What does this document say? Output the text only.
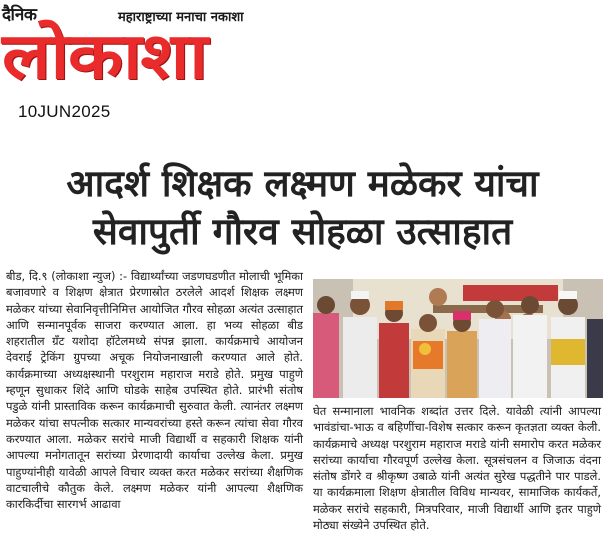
दैनिक	महाराष्ट्राच्या मनाचा नकाशा
लोकाशा
10JUN2025
आदर्श शिक्षक लक्ष्मण मळेकर यांचा
सेवापुर्ती गौरव सोहळा उत्साहात
बीड, दि.९ (लोकाशा न्युज) :- विद्यार्थ्यांच्या जडणघडणीत मोलाची भूमिका बजावणारे व शिक्षण क्षेत्रात प्रेरणास्रोत ठरलेले आदर्श शिक्षक लक्ष्मण मळेकर यांच्या सेवानिवृत्तीनिमित्त आयोजित गौरव सोहळा अत्यंत उत्साहात आणि सन्मानपूर्वक साजरा करण्यात आला. हा भव्य सोहळा बीड शहरातील ग्रँट यशोदा हॉटेलमध्ये संपन्न झाला. कार्यक्रमाचे आयोजन देवराई ट्रेकिंग ग्रुपच्या अचूक नियोजनाखाली करण्यात आले होते. कार्यक्रमाच्या अध्यक्षस्थानी परशुराम महाराज मराडे होते. प्रमुख पाहुणे म्हणून सुधाकर शिंदे आणि घोडके साहेब उपस्थित होते. प्रारंभी संतोष पडुळे यांनी प्रास्ताविक करून कार्यक्रमाची सुरुवात केली. त्यानंतर लक्ष्मण मळेकर यांचा सपत्नीक सत्कार मान्यवरांच्या हस्ते करून त्यांचा सेवा गौरव करण्यात आला. मळेकर सरांचे माजी विद्यार्थी व सहकारी शिक्षक यांनी आपल्या मनोगतातून सरांच्या प्रेरणादायी कार्याचा उल्लेख केला. प्रमुख पाहुण्यांनीही यावेळी आपले विचार व्यक्त करत मळेकर सरांच्या शैक्षणिक वाटचालीचे कौतुक केले. लक्ष्मण मळेकर यांनी आपल्या शैक्षणिक कारकिर्दीचा सारगर्भ आढावा
घेत सन्मानाला भावनिक शब्दांत उत्तर दिले. यावेळी त्यांनी आपल्या भावंडांचा-भाऊ व बहिणींचा-विशेष सत्कार करून कृतज्ञता व्यक्त केली. कार्यक्रमाचे अध्यक्ष परशुराम महाराज मराडे यांनी समारोप करत मळेकर सरांच्या कार्याचा गौरवपूर्ण उल्लेख केला. सूत्रसंचलन व जिजाऊ वंदना संतोष डोंगरे व श्रीकृष्ण उबाळे यांनी अत्यंत सुरेख पद्धतीने पार पाडले. या कार्यक्रमाला शिक्षण क्षेत्रातील विविध मान्यवर, सामाजिक कार्यकर्ते, मळेकर सरांचे सहकारी, मित्रपरिवार, माजी विद्यार्थी आणि इतर पाहुणे मोठ्या संख्येने उपस्थित होते.
